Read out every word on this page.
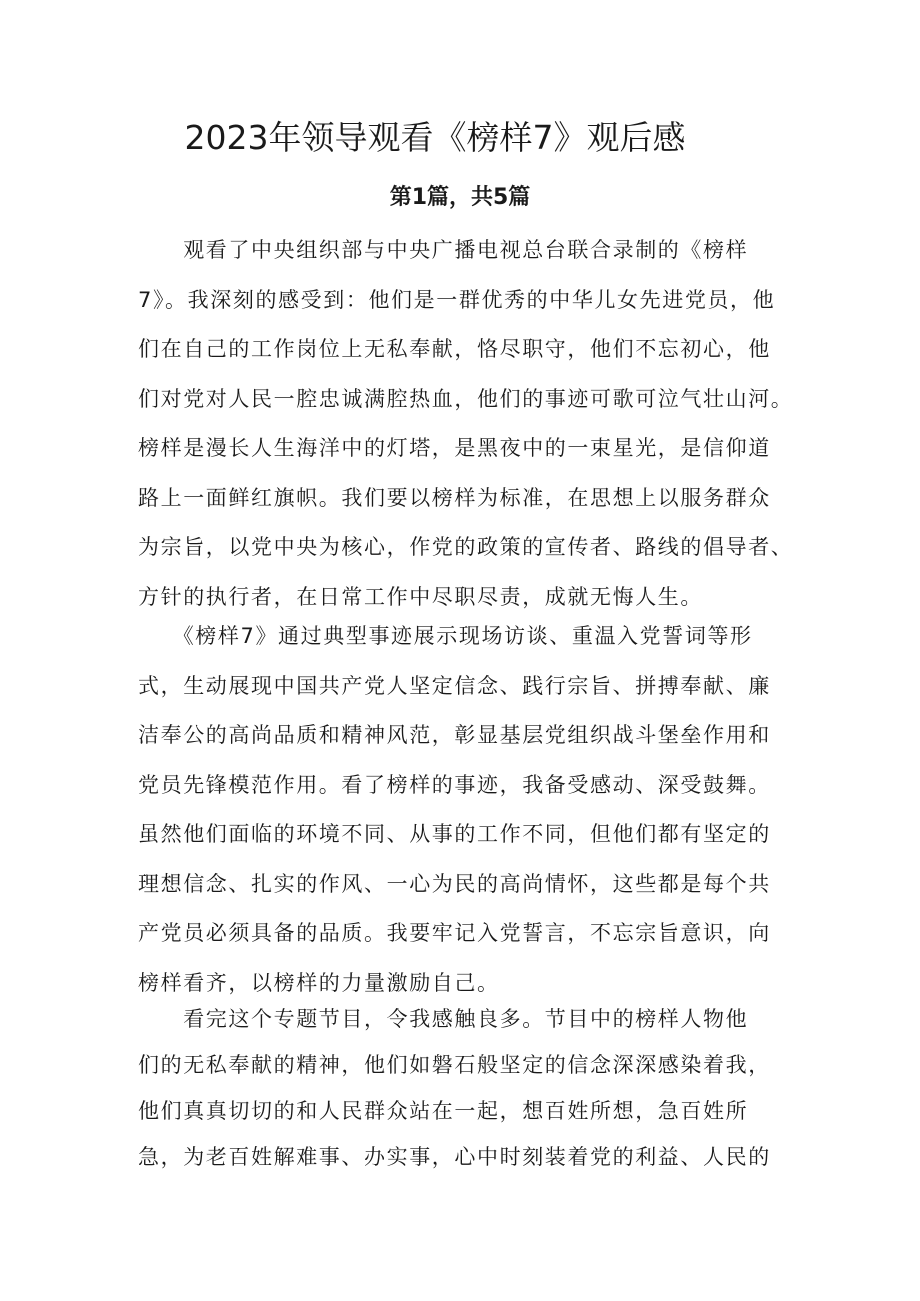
2023年领导观看《榜样7》观后感
第1篇，共5篇
　　观看了中央组织部与中央广播电视总台联合录制的《榜样
7》。我深刻的感受到：他们是一群优秀的中华儿女先进党员，他
们在自己的工作岗位上无私奉献，恪尽职守，他们不忘初心，他
们对党对人民一腔忠诚满腔热血，他们的事迹可歌可泣气壮山河。
榜样是漫长人生海洋中的灯塔，是黑夜中的一束星光，是信仰道
路上一面鲜红旗帜。我们要以榜样为标准，在思想上以服务群众
为宗旨，以党中央为核心，作党的政策的宣传者、路线的倡导者、
方针的执行者，在日常工作中尽职尽责，成就无悔人生。
　　《榜样7》通过典型事迹展示现场访谈、重温入党誓词等形
式，生动展现中国共产党人坚定信念、践行宗旨、拼搏奉献、廉
洁奉公的高尚品质和精神风范，彰显基层党组织战斗堡垒作用和
党员先锋模范作用。看了榜样的事迹，我备受感动、深受鼓舞。
虽然他们面临的环境不同、从事的工作不同，但他们都有坚定的
理想信念、扎实的作风、一心为民的高尚情怀，这些都是每个共
产党员必须具备的品质。我要牢记入党誓言，不忘宗旨意识，向
榜样看齐，以榜样的力量激励自己。
　　看完这个专题节目，令我感触良多。节目中的榜样人物他
们的无私奉献的精神，他们如磐石般坚定的信念深深感染着我，
他们真真切切的和人民群众站在一起，想百姓所想，急百姓所
急，为老百姓解难事、办实事，心中时刻装着党的利益、人民的
